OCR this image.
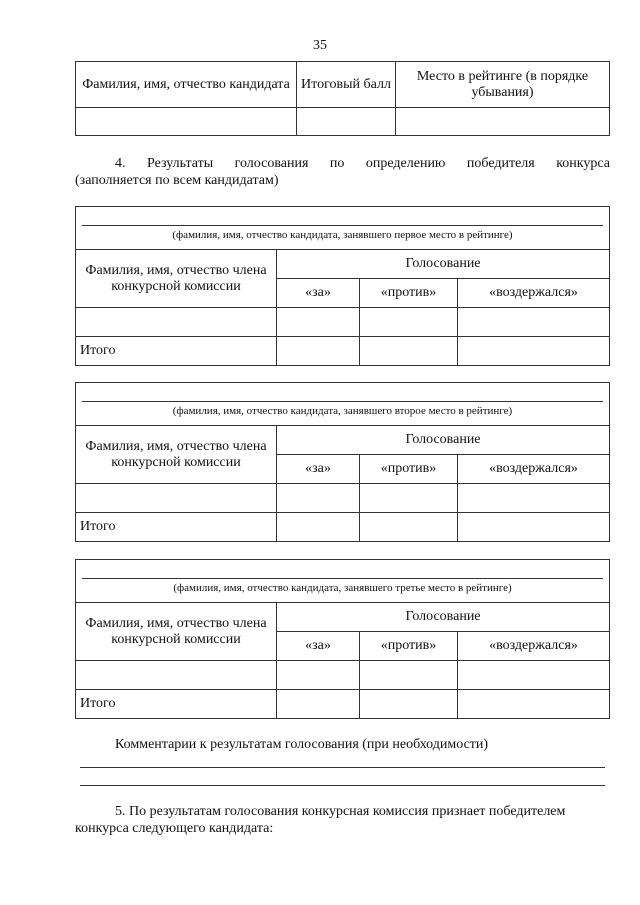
35
Фамилия, имя, отчество кандидата	Итоговый балл	Место в рейтинге (в порядке убывания)

4. Результаты голосования по определению победителя конкурса
(заполняется по всем кандидатам)
(фамилия, имя, отчество кандидата, занявшего первое место в рейтинге)
Фамилия, имя, отчество члена конкурсной комиссии	Голосование		
	«за»	«против»	«воздержался»

Итого			
(фамилия, имя, отчество кандидата, занявшего второе место в рейтинге)
Фамилия, имя, отчество члена конкурсной комиссии	Голосование		
	«за»	«против»	«воздержался»

Итого			
(фамилия, имя, отчество кандидата, занявшего третье место в рейтинге)
Фамилия, имя, отчество члена конкурсной комиссии	Голосование		
	«за»	«против»	«воздержался»

Итого			
Комментарии к результатам голосования (при необходимости)
5. По результатам голосования конкурсная комиссия признает победителем
конкурса следующего кандидата:
